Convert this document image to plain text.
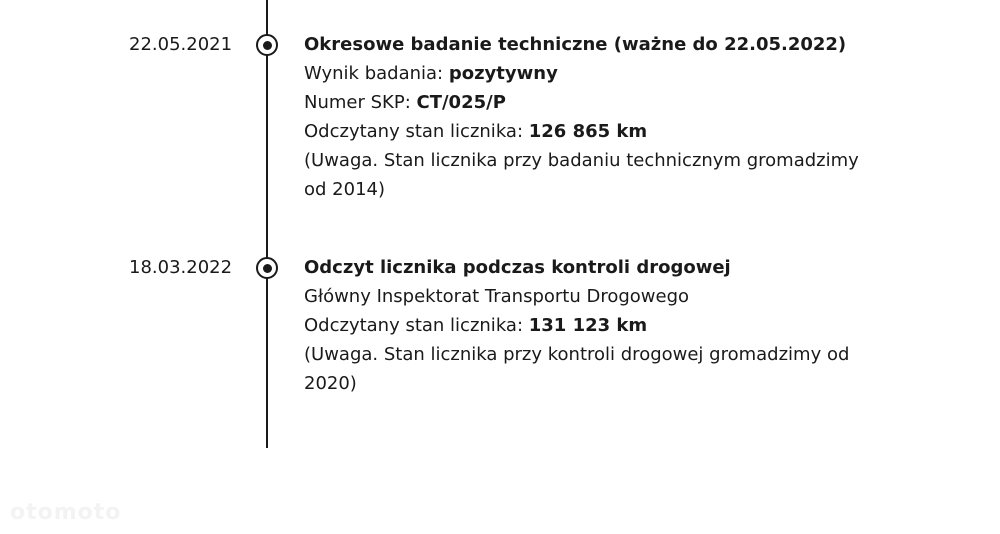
22.05.2021	Okresowe badanie techniczne (ważne do 22.05.2022)
Wynik badania: pozytywny
Numer SKP: CT/025/P
Odczytany stan licznika: 126 865 km
(Uwaga. Stan licznika przy badaniu technicznym gromadzimy od 2014)
18.03.2022	Odczyt licznika podczas kontroli drogowej
Główny Inspektorat Transportu Drogowego
Odczytany stan licznika: 131 123 km
(Uwaga. Stan licznika przy kontroli drogowej gromadzimy od 2020)
otomoto
